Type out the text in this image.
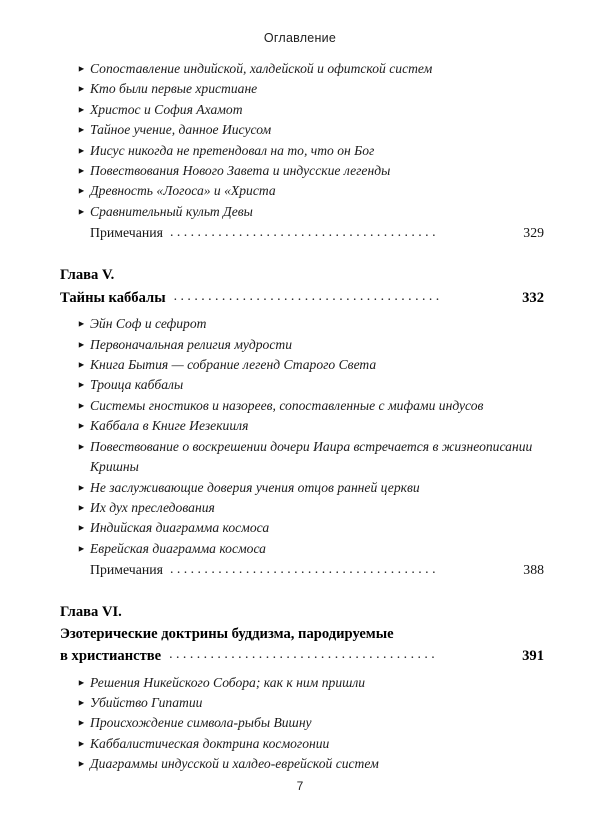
Оглавление
► Сопоставление индийской, халдейской и офитской систем
► Кто были первые христиане
► Христос и София Ахамот
► Тайное учение, данное Иисусом
► Иисус никогда не претендовал на то, что он Бог
► Повествования Нового Завета и индусские легенды
► Древность «Логоса» и «Христа
► Сравнительный культ Девы
Примечания . . . . . . . . . . . . . . . . . . . . . . . . . . . . . . . . . . . . . . .	329
Глава V.
Тайны каббалы . . . . . . . . . . . . . . . . . . . . . . . . . . . . . . . . . . . . . . .	332
► Эйн Соф и сефирот
► Первоначальная религия мудрости
► Книга Бытия — собрание легенд Старого Света
► Троица каббалы
► Системы гностиков и назореев, сопоставленные с мифами индусов
► Каббала в Книге Иезекииля
► Повествование о воскрешении дочери Иаира встречается в жизнеописании Кришны
► Не заслуживающие доверия учения отцов ранней церкви
► Их дух преследования
► Индийская диаграмма космоса
► Еврейская диаграмма космоса
Примечания . . . . . . . . . . . . . . . . . . . . . . . . . . . . . . . . . . . . . . .	388
Глава VI.
Эзотерические доктрины буддизма, пародируемые
в христианстве . . . . . . . . . . . . . . . . . . . . . . . . . . . . . . . . . . . . . . .	391
► Решения Никейского Собора; как к ним пришли
► Убийство Гипатии
► Происхождение символа-рыбы Вишну
► Каббалистическая доктрина космогонии
► Диаграммы индусской и халдео-еврейской систем
7
